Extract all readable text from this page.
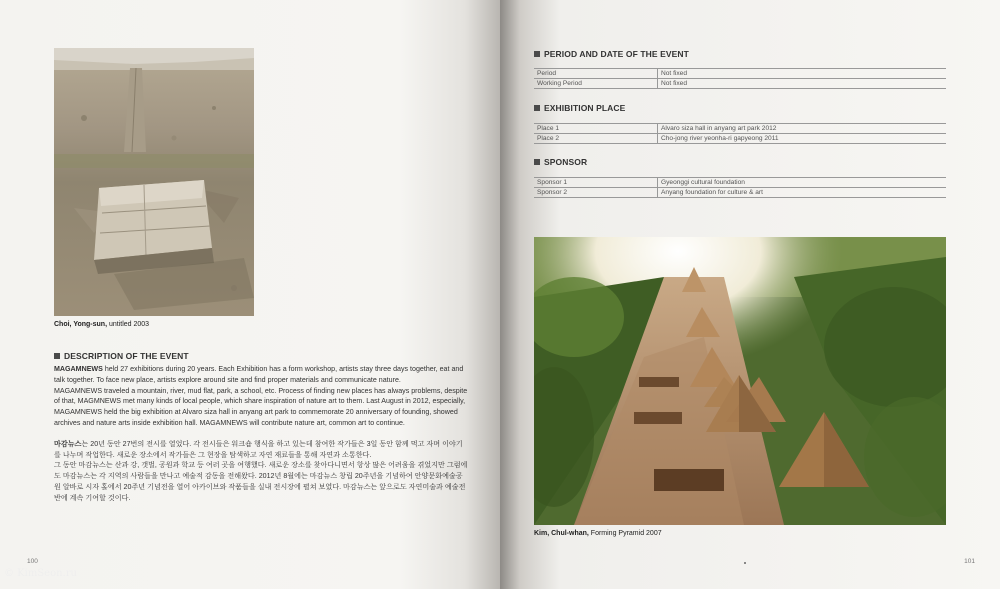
Choi, Yong-sun, untitled 2003
DESCRIPTION OF THE EVENT

MAGAMNEWS held 27 exhibitions during 20 years. Each Exhibition has a form workshop, artists stay three days together, eat and talk together. To face new place, artists explore around site and find proper materials and communicate nature.

MAGAMNEWS traveled a mountain, river, mud flat, park, a school, etc. Process of finding new places has always problems, despite of that, MAGMNEWS met many kinds of local people, which share inspiration of nature art to them. Last August in 2012, especially, MAGAMNEWS held the big exhibition at Alvaro siza hall in anyang art park to commemorate 20 anniversary of founding, showed archives and nature arts inside exhibition hall. MAGAMNEWS will contribute nature art, common art to continue.

마감뉴스는 20년 동안 27번의 전시를 열었다. 각 전시들은 워크숍 행식을 하고 있는데 참여한 작가들은 3일 동안 함께 먹고 자며 이야기를 나누며 작업한다. 새로운 장소에서 작가들은 그 현장을 탐색하고 자연 재료들을 통해 자연과 소통한다.

그 동안 마감뉴스는 산과 강, 갯벌, 공원과 학교 등 여러 곳을 여행했다. 새로운 장소를 찾아다니면서 항상 많은 어려움을 겪었지만 그럼에도 마감뉴스는 각 지역의 사람들을 만나고 예술적 감동을 전해왔다. 2012년 8월에는 마감뉴스 창립 20주년을 기념하여 안양문화예술공원 알바로 시자 홀에서 20주년 기념전을 열어 아카이브와 작품들을 실내 전시장에 펼쳐 보였다. 마감뉴스는 앞으로도 자연미술과 예술전반에 계속 기여할 것이다.

100
© KimSeon.ru
PERIOD AND DATE OF THE EVENT
Period	Not fixed
Working Period	Not fixed
EXHIBITION PLACE
Place 1	Alvaro siza hall in anyang art park 2012
Place 2	Cho-jong river yeonha-ri gapyeong 2011
SPONSOR
Sponsor 1	Gyeonggi cultural foundation
Sponsor 2	Anyang foundation for culture & art
Kim, Chul-whan, Forming Pyramid 2007
101
